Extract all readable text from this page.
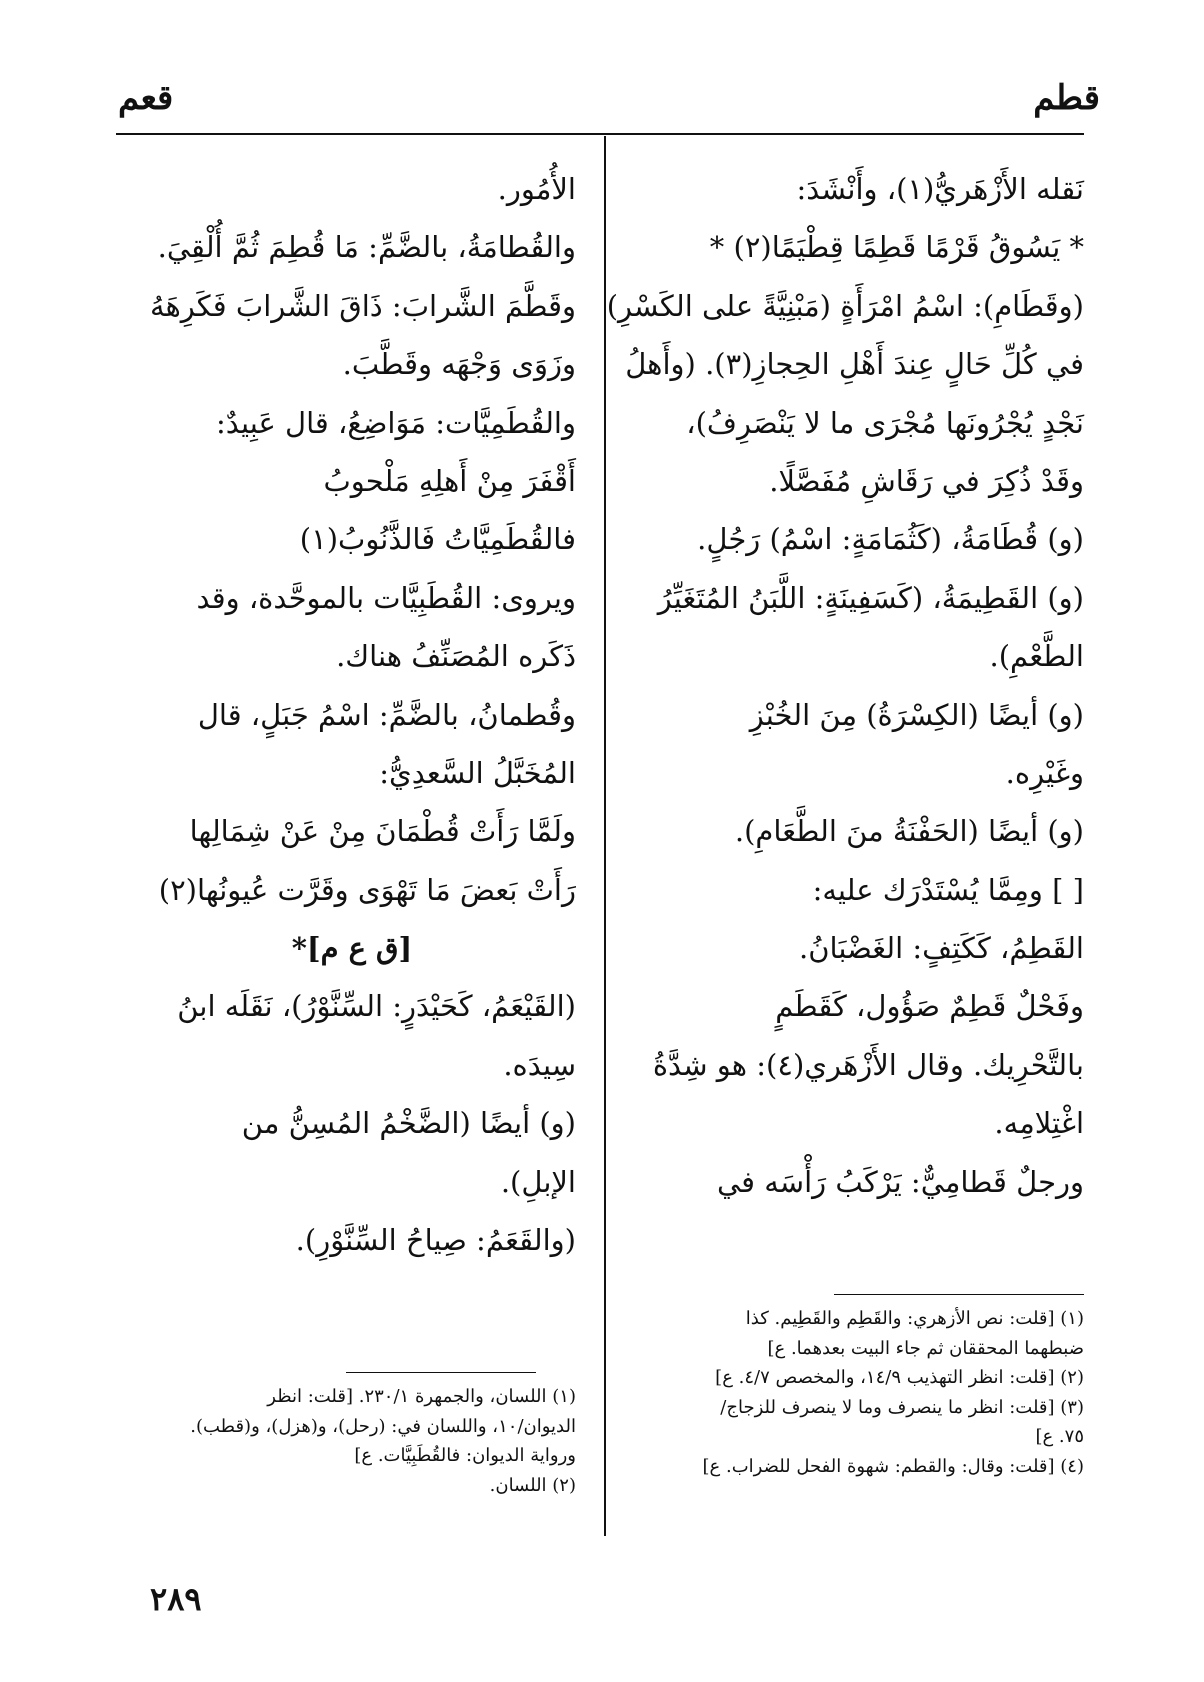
قطم
قعم
نَقله الأَزْهَريُّ(١)، وأَنْشَدَ:
* يَسُوقُ قَرْمًا قَطِمًا قِطْيَمًا(٢) *
(وقَطَامِ): اسْمُ امْرَأَةٍ (مَبْنِيَّةً على الكَسْرِ)
في كُلِّ حَالٍ عِندَ أَهْلِ الحِجازِ(٣). (وأَهلُ
نَجْدٍ يُجْرُونَها مُجْرَى ما لا يَنْصَرِفُ)،
وقَدْ ذُكِرَ في رَقَاشِ مُفَصَّلًا.
(و) قُطَامَةُ، (كَثُمَامَةٍ: اسْمُ) رَجُلٍ.
(و) القَطِيمَةُ، (كَسَفِينَةٍ: اللَّبَنُ المُتَغَيِّرُ
الطَّعْمِ).
(و) أيضًا (الكِسْرَةُ) مِنَ الخُبْزِ
وغَيْرِه.
(و) أيضًا (الحَفْنَةُ منَ الطَّعَامِ).
[ ] ومِمَّا يُسْتَدْرَك عليه:
القَطِمُ، كَكَتِفٍ: الغَضْبَانُ.
وفَحْلٌ قَطِمٌ صَؤُول، كَقَطَمٍ
بالتَّحْرِيك. وقال الأَزْهَري(٤): هو شِدَّةُ
اغْتِلامِه.
ورجلٌ قَطامِيٌّ: يَرْكَبُ رَأْسَه في
الأُمُور.
والقُطامَةُ، بالضَّمِّ: مَا قُطِمَ ثُمَّ أُلْقِيَ.
وقَطَّمَ الشَّرابَ: ذَاقَ الشَّرابَ فَكَرِهَهُ
وزَوَى وَجْهَه وقَطَّبَ.
والقُطَمِيَّات: مَوَاضِعُ، قال عَبِيدٌ:
أَقْفَرَ مِنْ أَهلِهِ مَلْحوبُ
فالقُطَمِيَّاتُ فَالذَّنُوبُ(١)
ويروى: القُطَبِيَّات بالموحَّدة، وقد
ذَكَره المُصَنِّفُ هناك.
وقُطمانُ، بالضَّمِّ: اسْمُ جَبَلٍ، قال
المُخَبَّلُ السَّعدِيُّ:
ولَمَّا رَأَتْ قُطْمَانَ مِنْ عَنْ شِمَالِها
رَأَتْ بَعضَ مَا تَهْوَى وقَرَّت عُيونُها(٢)
[ق ع م]*
(القَيْعَمُ، كَحَيْدَرٍ: السِّنَّوْرُ)، نَقَلَه ابنُ
سِيدَه.
(و) أيضًا (الضَّخْمُ المُسِنُّ من
الإبلِ).
(والقَعَمُ: صِياحُ السِّنَّوْرِ).
(١) [قلت: نص الأزهري: والقَطِم والقَطِيم. كذا
ضبطهما المحققان ثم جاء البيت بعدهما. ع]
(٢) [قلت: انظر التهذيب ١٤/٩، والمخصص ٤/٧. ع]
(٣) [قلت: انظر ما ينصرف وما لا ينصرف للزجاج/
٧٥. ع]
(٤) [قلت: وقال: والقطم: شهوة الفحل للضراب. ع]
(١) اللسان، والجمهرة ٢٣٠/١. [قلت: انظر
الديوان/١٠، واللسان في: (رحل)، و(هزل)، و(قطب).
ورواية الديوان: فالقُطَبِيَّات. ع]
(٢) اللسان.
٢٨٩
